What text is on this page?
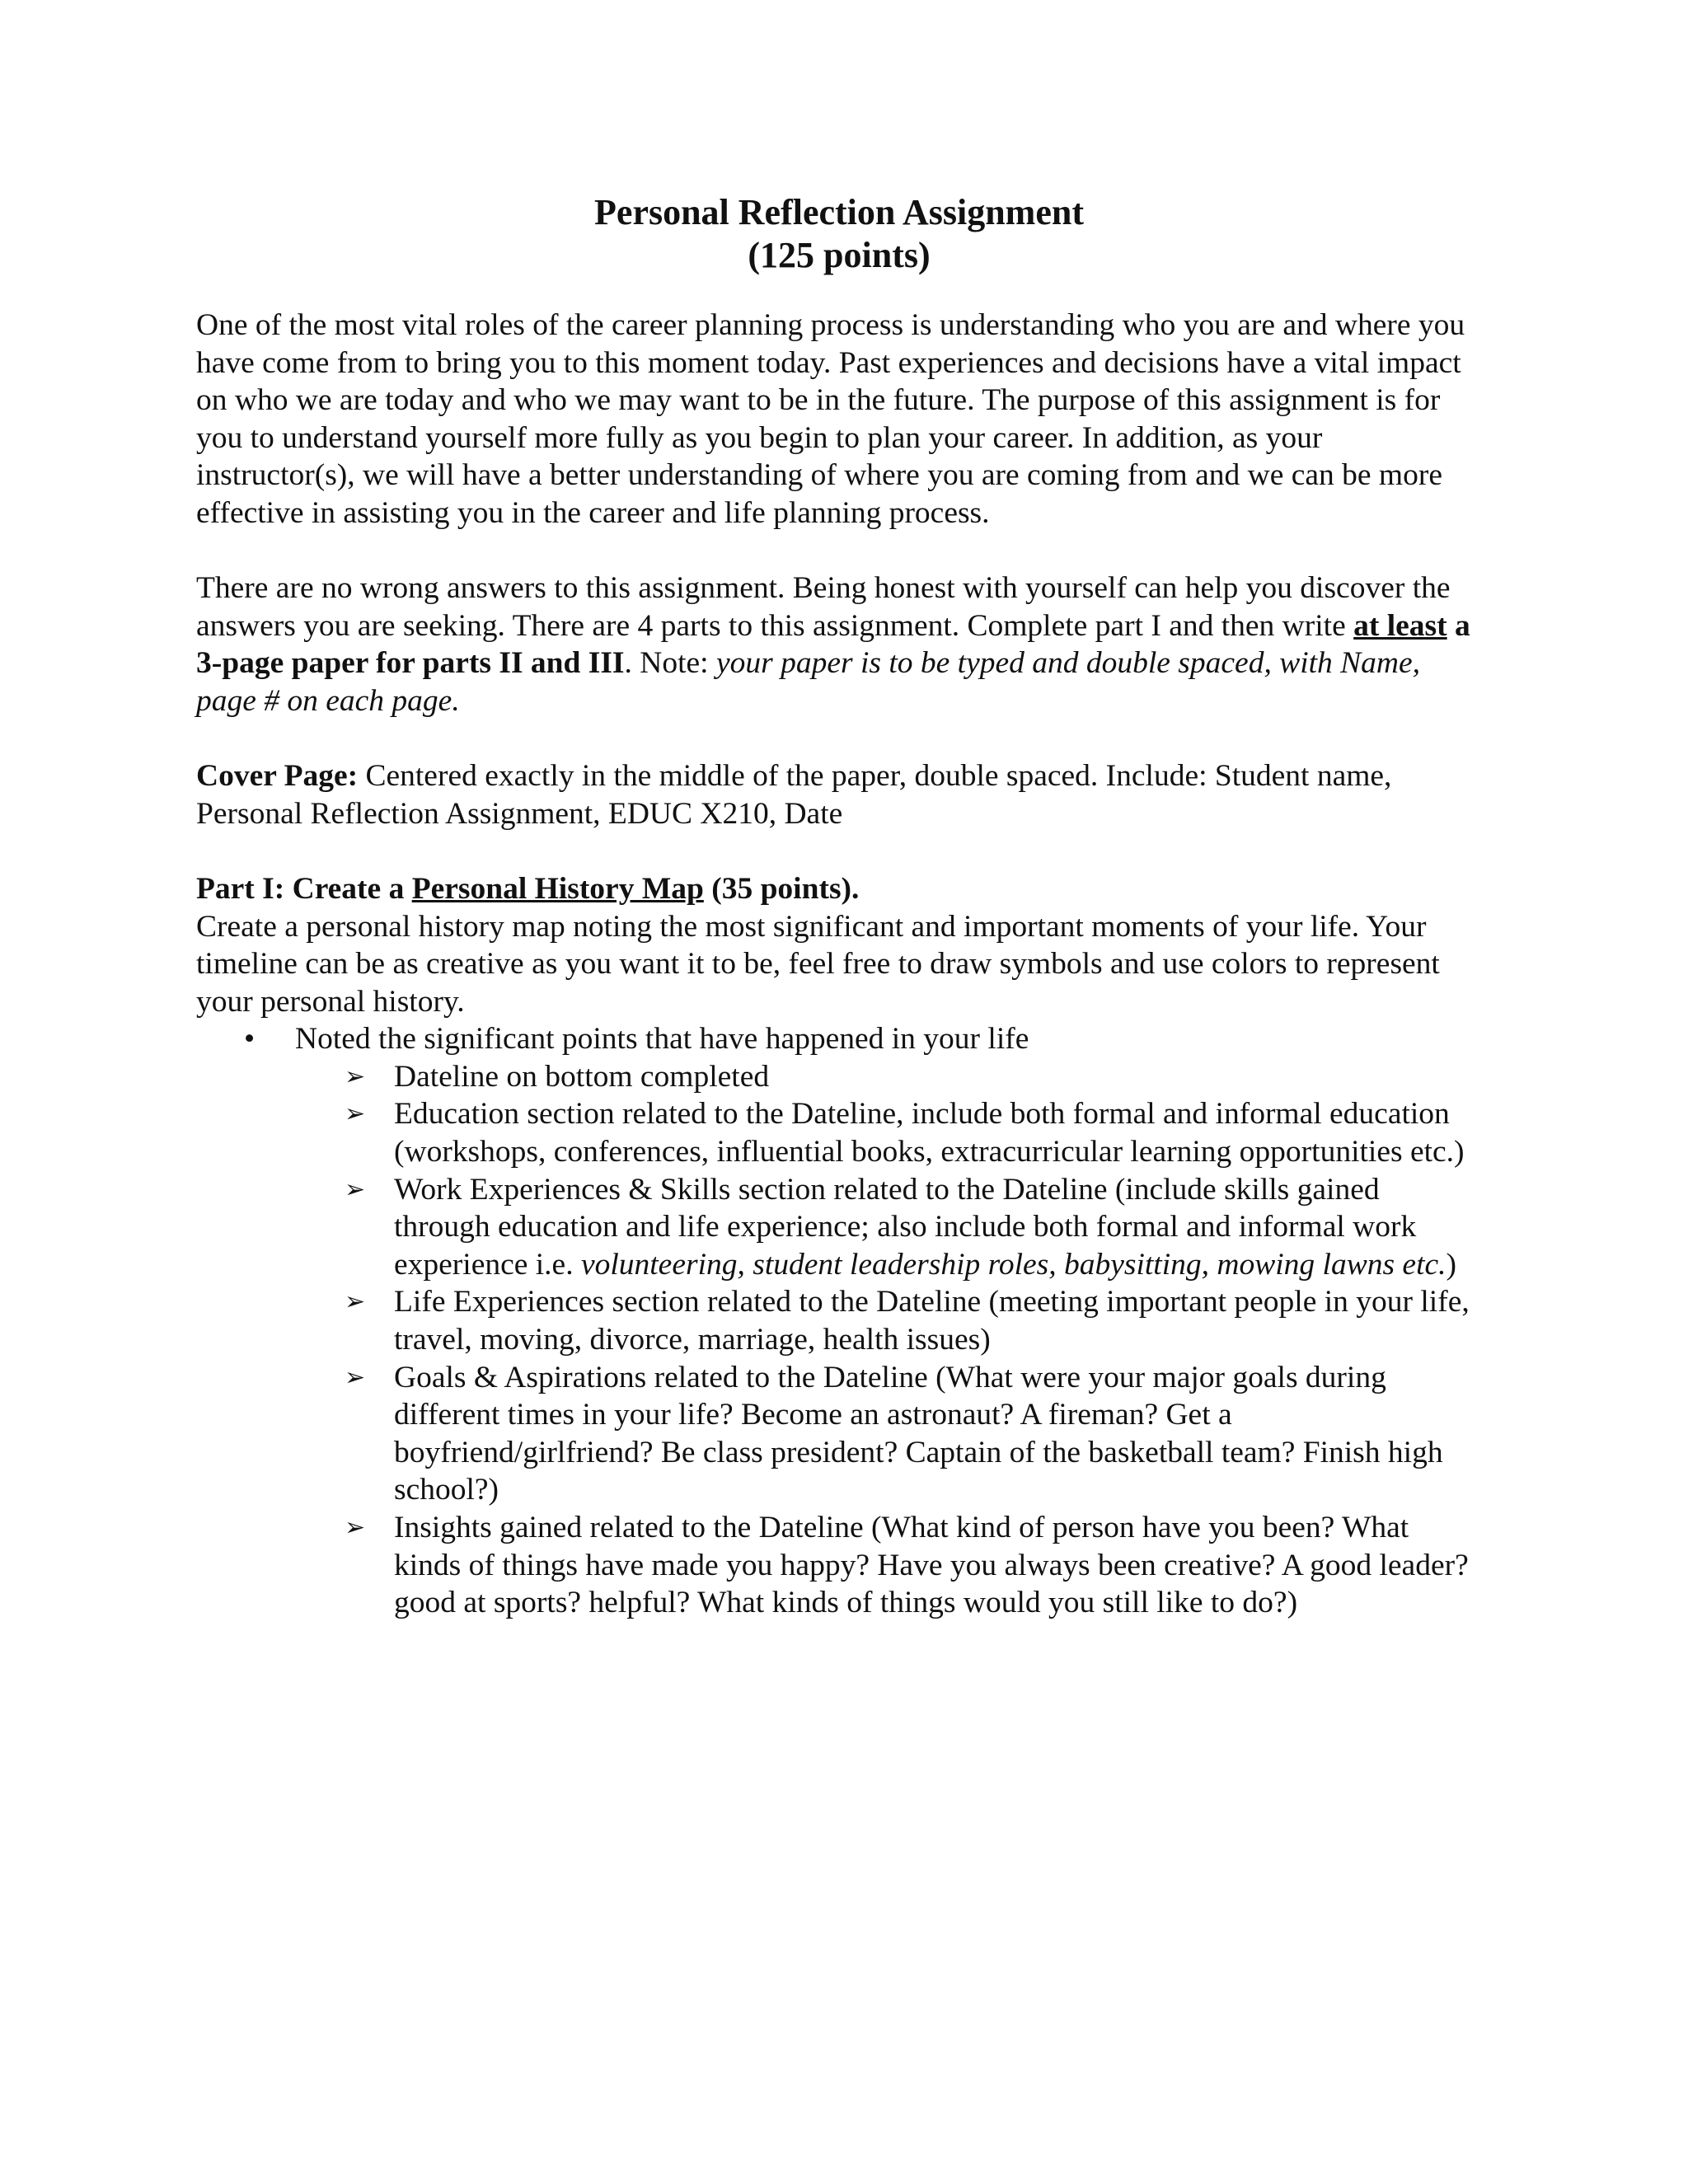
Personal Reflection Assignment
(125 points)

One of the most vital roles of the career planning process is understanding who you are and where you have come from to bring you to this moment today. Past experiences and decisions have a vital impact on who we are today and who we may want to be in the future. The purpose of this assignment is for you to understand yourself more fully as you begin to plan your career. In addition, as your instructor(s), we will have a better understanding of where you are coming from and we can be more effective in assisting you in the career and life planning process.

There are no wrong answers to this assignment. Being honest with yourself can help you discover the answers you are seeking. There are 4 parts to this assignment. Complete part I and then write at least a 3-page paper for parts II and III. Note: your paper is to be typed and double spaced, with Name, page # on each page.

Cover Page: Centered exactly in the middle of the paper, double spaced. Include: Student name, Personal Reflection Assignment, EDUC X210, Date

Part I: Create a Personal History Map (35 points).

Create a personal history map noting the most significant and important moments of your life. Your timeline can be as creative as you want it to be, feel free to draw symbols and use colors to represent your personal history.

• Noted the significant points that have happened in your life
➢ Dateline on bottom completed
➢ Education section related to the Dateline, include both formal and informal education (workshops, conferences, influential books, extracurricular learning opportunities etc.)
➢ Work Experiences & Skills section related to the Dateline (include skills gained through education and life experience; also include both formal and informal work experience i.e. volunteering, student leadership roles, babysitting, mowing lawns etc.)
➢ Life Experiences section related to the Dateline (meeting important people in your life, travel, moving, divorce, marriage, health issues)
➢ Goals & Aspirations related to the Dateline (What were your major goals during different times in your life? Become an astronaut? A fireman? Get a boyfriend/girlfriend? Be class president? Captain of the basketball team? Finish high school?)
➢ Insights gained related to the Dateline (What kind of person have you been? What kinds of things have made you happy? Have you always been creative? A good leader? good at sports? helpful? What kinds of things would you still like to do?)
